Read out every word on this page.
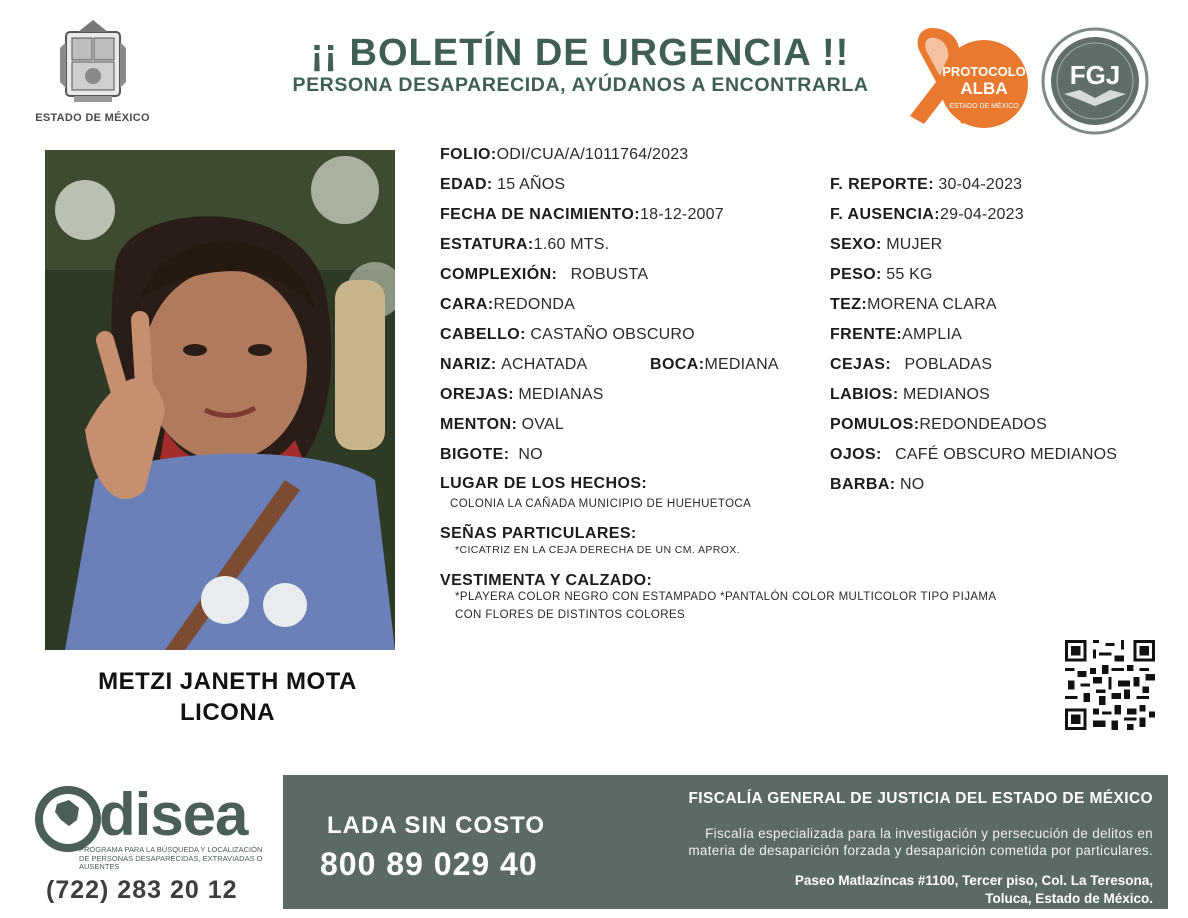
ESTADO DE MÉXICO
¡¡ BOLETÍN DE URGENCIA !!
PERSONA DESAPARECIDA, AYÚDANOS A ENCONTRARLA
PROTOCOLO
ALBA
ESTADO DE MÉXICO
FGJ
METZI JANETH MOTA
LICONA
FOLIO:ODI/CUA/A/1011764/2023
EDAD: 15 AÑOS
FECHA DE NACIMIENTO:18-12-2007
ESTATURA:1.60 MTS.
COMPLEXIÓN: ROBUSTA
CARA:REDONDA
CABELLO: CASTAÑO OBSCURO
NARIZ: ACHATADA	BOCA:MEDIANA
OREJAS: MEDIANAS
MENTON: OVAL
BIGOTE: NO
F. REPORTE: 30-04-2023
F. AUSENCIA:29-04-2023
SEXO: MUJER
PESO: 55 KG
TEZ:MORENA CLARA
FRENTE:AMPLIA
CEJAS: POBLADAS
LABIOS: MEDIANOS
POMULOS:REDONDEADOS
OJOS: CAFÉ OBSCURO MEDIANOS
BARBA: NO
LUGAR DE LOS HECHOS:
COLONIA LA CAÑADA MUNICIPIO DE HUEHUETOCA
SEÑAS PARTICULARES:
*CICATRIZ EN LA CEJA DERECHA DE UN CM. APROX.
VESTIMENTA Y CALZADO:
*PLAYERA COLOR NEGRO CON ESTAMPADO *PANTALÓN COLOR MULTICOLOR TIPO PIJAMA
CON FLORES DE DISTINTOS COLORES
disea
PROGRAMA PARA LA BÚSQUEDA Y LOCALIZACIÓN DE PERSONAS DESAPARECIDAS, EXTRAVIADAS O AUSENTES
(722) 283 20 12
LADA SIN COSTO
800 89 029 40
FISCALÍA GENERAL DE JUSTICIA DEL ESTADO DE MÉXICO
Fiscalía especializada para la investigación y persecución de delitos en
materia de desaparición forzada y desaparición cometida por particulares.
Paseo Matlazíncas #1100, Tercer piso, Col. La Teresona,
Toluca, Estado de México.
